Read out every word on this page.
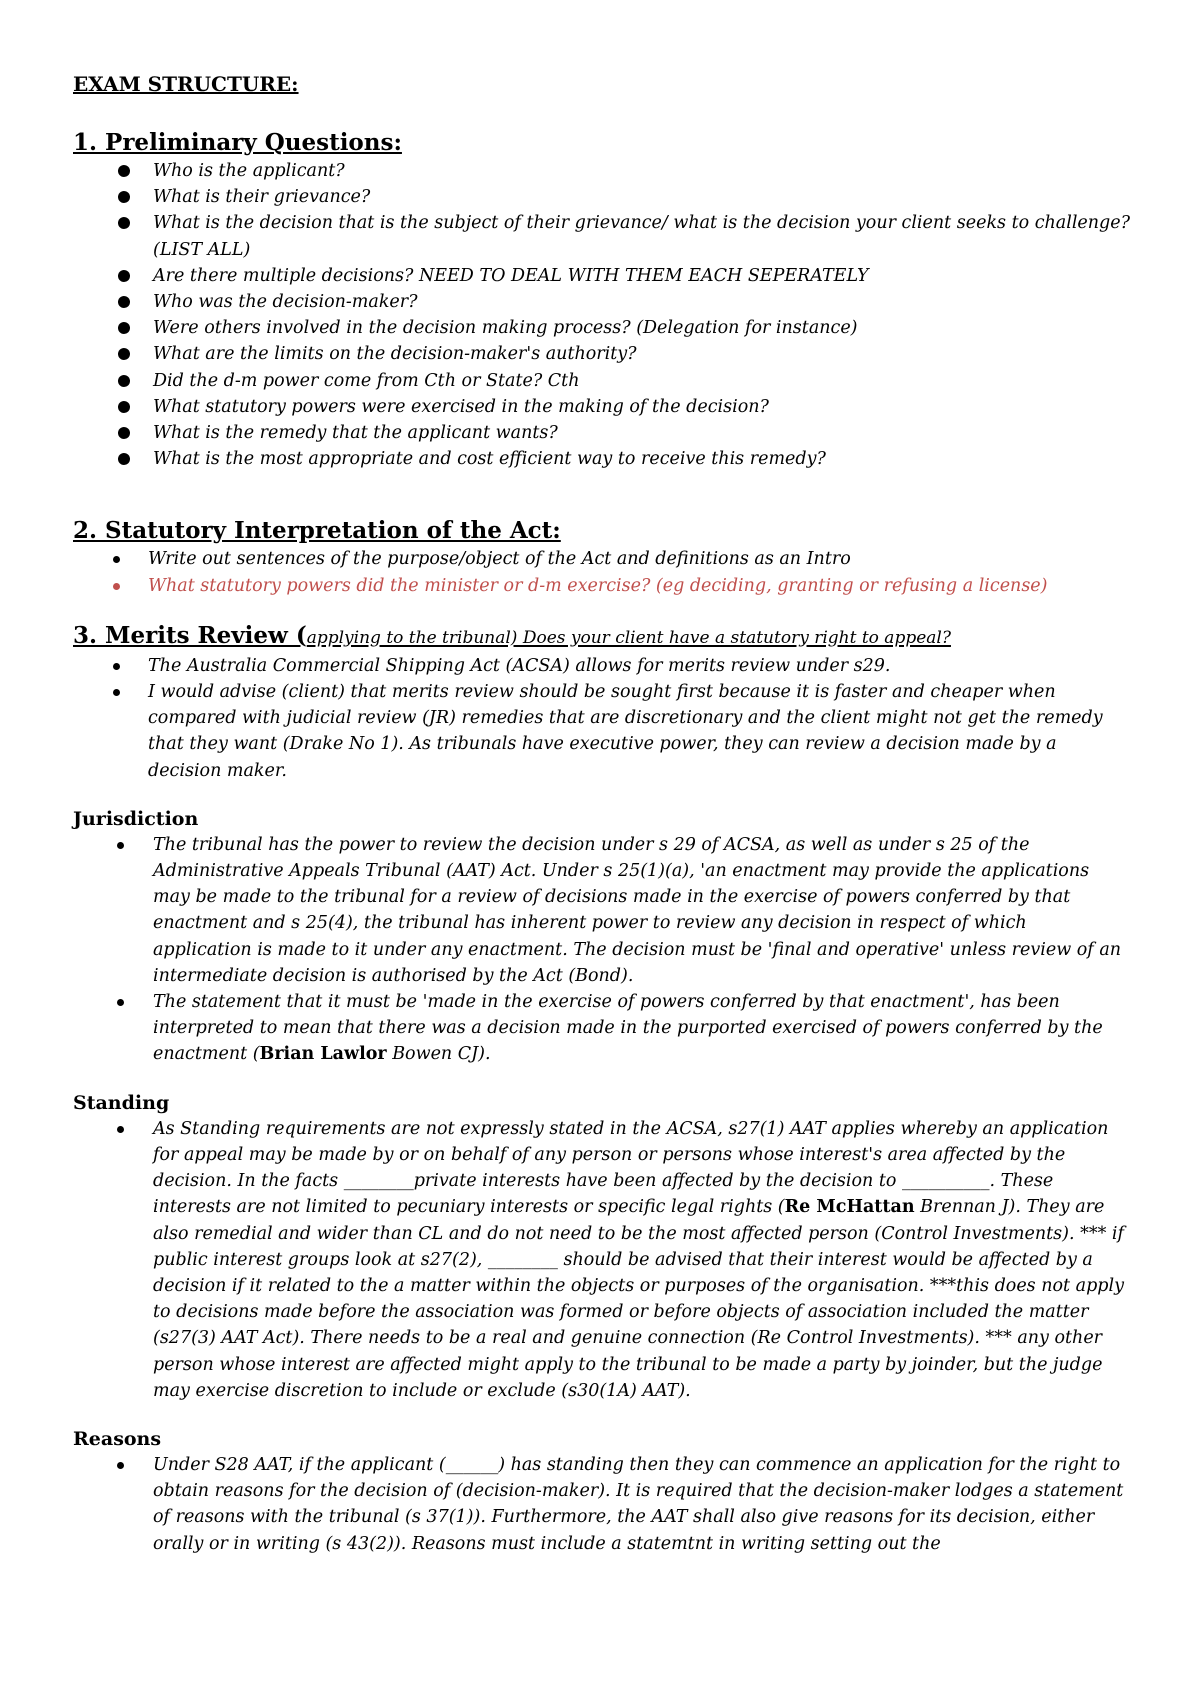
EXAM STRUCTURE:
1. Preliminary Questions:
Who is the applicant?
What is their grievance?
What is the decision that is the subject of their grievance/ what is the decision your client seeks to challenge? (LIST ALL)
Are there multiple decisions? NEED TO DEAL WITH THEM EACH SEPERATELY
Who was the decision-maker?
Were others involved in the decision making process? (Delegation for instance)
What are the limits on the decision-maker's authority?
Did the d-m power come from Cth or State? Cth
What statutory powers were exercised in the making of the decision?
What is the remedy that the applicant wants?
What is the most appropriate and cost efficient way to receive this remedy?
2. Statutory Interpretation of the Act:
Write out sentences of the purpose/object of the Act and definitions as an Intro
What statutory powers did the minister or d-m exercise? (eg deciding, granting or refusing a license)
3. Merits Review (applying to the tribunal) Does your client have a statutory right to appeal?
The Australia Commercial Shipping Act (ACSA) allows for merits review under s29.
I would advise (client) that merits review should be sought first because it is faster and cheaper when compared with judicial review (JR) remedies that are discretionary and the client might not get the remedy that they want (Drake No 1). As tribunals have executive power, they can review a decision made by a decision maker.
Jurisdiction
The tribunal has the power to review the decision under s 29 of ACSA, as well as under s 25 of the Administrative Appeals Tribunal (AAT) Act. Under s 25(1)(a), 'an enactment may provide the applications may be made to the tribunal for a review of decisions made in the exercise of powers conferred by that enactment and s 25(4), the tribunal has inherent power to review any decision in respect of which application is made to it under any enactment. The decision must be 'final and operative' unless review of an intermediate decision is authorised by the Act (Bond).
The statement that it must be 'made in the exercise of powers conferred by that enactment', has been interpreted to mean that there was a decision made in the purported exercised of powers conferred by the enactment (Brian Lawlor Bowen CJ).
Standing
As Standing requirements are not expressly stated in the ACSA, s27(1) AAT applies whereby an application for appeal may be made by or on behalf of any person or persons whose interest's area affected by the decision. In the facts ________private interests have been affected by the decision to __________. These interests are not limited to pecuniary interests or specific legal rights (Re McHattan Brennan J). They are also remedial and wider than CL and do not need to be the most affected person (Control Investments). *** if public interest groups look at s27(2), ________ should be advised that their interest would be affected by a decision if it related to the a matter within the objects or purposes of the organisation. ***this does not apply to decisions made before the association was formed or before objects of association included the matter (s27(3) AAT Act). There needs to be a real and genuine connection (Re Control Investments). *** any other person whose interest are affected might apply to the tribunal to be made a party by joinder, but the judge may exercise discretion to include or exclude (s30(1A) AAT).
Reasons
Under S28 AAT, if the applicant (______) has standing then they can commence an application for the right to obtain reasons for the decision of (decision-maker). It is required that the decision-maker lodges a statement of reasons with the tribunal (s 37(1)). Furthermore, the AAT shall also give reasons for its decision, either orally or in writing (s 43(2)). Reasons must include a statemtnt in writing setting out the
